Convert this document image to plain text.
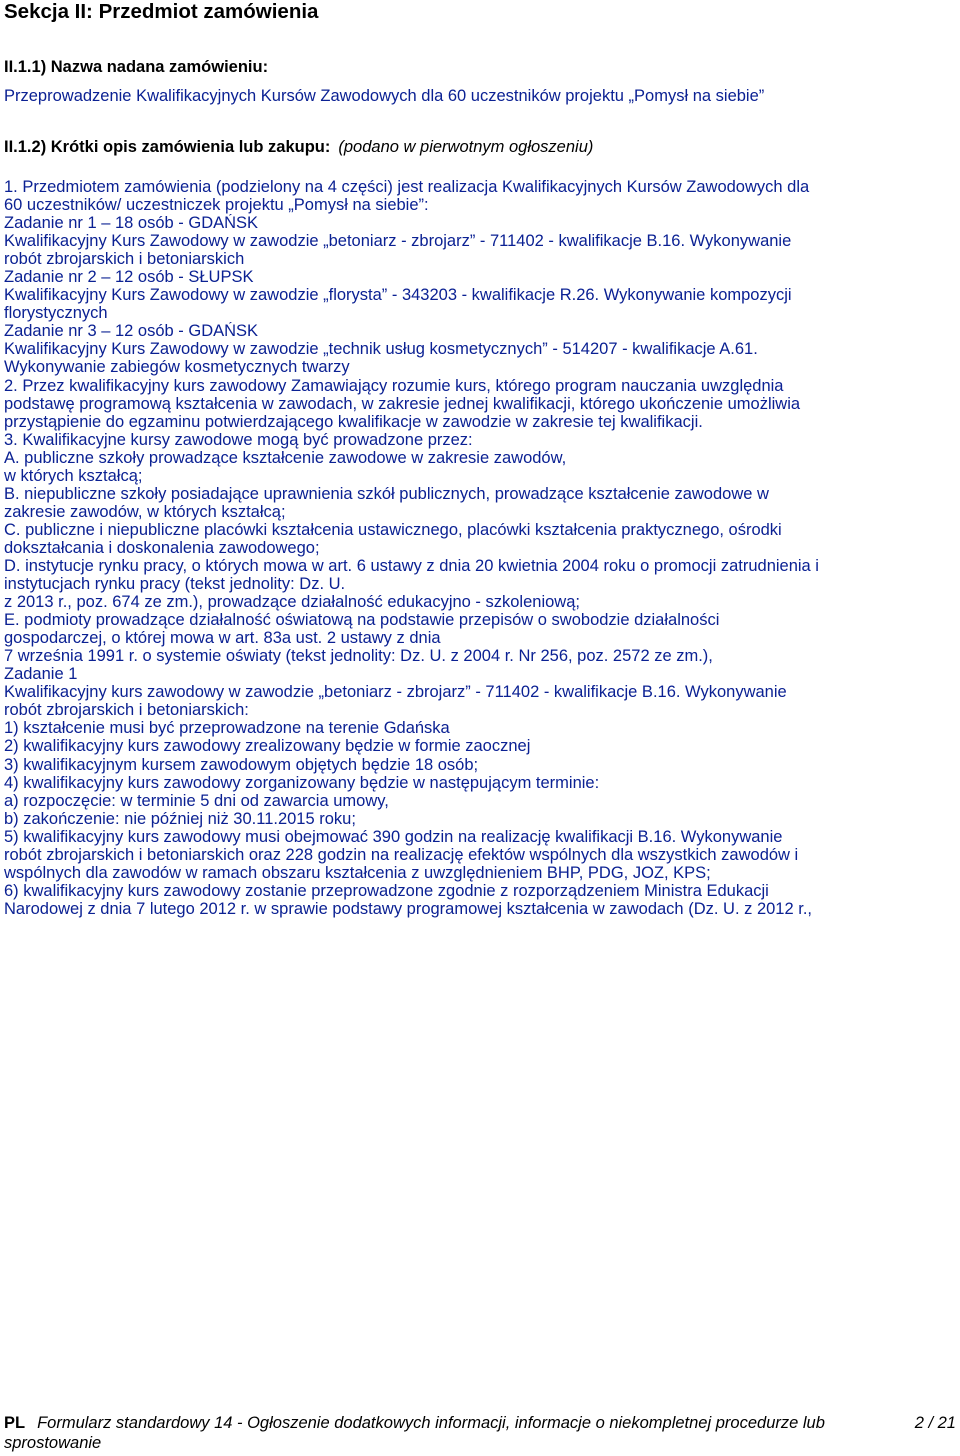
Sekcja II: Przedmiot zamówienia
II.1.1) Nazwa nadana zamówieniu:
Przeprowadzenie Kwalifikacyjnych Kursów Zawodowych dla 60 uczestników projektu „Pomysł na siebie”
II.1.2) Krótki opis zamówienia lub zakupu: (podano w pierwotnym ogłoszeniu)
1. Przedmiotem zamówienia (podzielony na 4 części) jest realizacja Kwalifikacyjnych Kursów Zawodowych dla
60 uczestników/ uczestniczek projektu „Pomysł na siebie”:
Zadanie nr 1 – 18 osób - GDAŃSK
Kwalifikacyjny Kurs Zawodowy w zawodzie „betoniarz - zbrojarz” - 711402 - kwalifikacje B.16. Wykonywanie
robót zbrojarskich i betoniarskich
Zadanie nr 2 – 12 osób - SŁUPSK
Kwalifikacyjny Kurs Zawodowy w zawodzie „florysta” - 343203 - kwalifikacje R.26. Wykonywanie kompozycji
florystycznych
Zadanie nr 3 – 12 osób - GDAŃSK
Kwalifikacyjny Kurs Zawodowy w zawodzie „technik usług kosmetycznych” - 514207 - kwalifikacje A.61.
Wykonywanie zabiegów kosmetycznych twarzy
2. Przez kwalifikacyjny kurs zawodowy Zamawiający rozumie kurs, którego program nauczania uwzględnia
podstawę programową kształcenia w zawodach, w zakresie jednej kwalifikacji, którego ukończenie umożliwia
przystąpienie do egzaminu potwierdzającego kwalifikacje w zawodzie w zakresie tej kwalifikacji.
3. Kwalifikacyjne kursy zawodowe mogą być prowadzone przez:
A. publiczne szkoły prowadzące kształcenie zawodowe w zakresie zawodów,
w których kształcą;
B. niepubliczne szkoły posiadające uprawnienia szkół publicznych, prowadzące kształcenie zawodowe w
zakresie zawodów, w których kształcą;
C. publiczne i niepubliczne placówki kształcenia ustawicznego, placówki kształcenia praktycznego, ośrodki
dokształcania i doskonalenia zawodowego;
D. instytucje rynku pracy, o których mowa w art. 6 ustawy z dnia 20 kwietnia 2004 roku o promocji zatrudnienia i
instytucjach rynku pracy (tekst jednolity: Dz. U.
z 2013 r., poz. 674 ze zm.), prowadzące działalność edukacyjno - szkoleniową;
E. podmioty prowadzące działalność oświatową na podstawie przepisów o swobodzie działalności
gospodarczej, o której mowa w art. 83a ust. 2 ustawy z dnia
7 września 1991 r. o systemie oświaty (tekst jednolity: Dz. U. z 2004 r. Nr 256, poz. 2572 ze zm.),
Zadanie 1
Kwalifikacyjny kurs zawodowy w zawodzie „betoniarz - zbrojarz” - 711402 - kwalifikacje B.16. Wykonywanie
robót zbrojarskich i betoniarskich:
1) kształcenie musi być przeprowadzone na terenie Gdańska
2) kwalifikacyjny kurs zawodowy zrealizowany będzie w formie zaocznej
3) kwalifikacyjnym kursem zawodowym objętych będzie 18 osób;
4) kwalifikacyjny kurs zawodowy zorganizowany będzie w następującym terminie:
a) rozpoczęcie: w terminie 5 dni od zawarcia umowy,
b) zakończenie: nie później niż 30.11.2015 roku;
5) kwalifikacyjny kurs zawodowy musi obejmować 390 godzin na realizację kwalifikacji B.16. Wykonywanie
robót zbrojarskich i betoniarskich oraz 228 godzin na realizację efektów wspólnych dla wszystkich zawodów i
wspólnych dla zawodów w ramach obszaru kształcenia z uwzględnieniem BHP, PDG, JOZ, KPS;
6) kwalifikacyjny kurs zawodowy zostanie przeprowadzone zgodnie z rozporządzeniem Ministra Edukacji
Narodowej z dnia 7 lutego 2012 r. w sprawie podstawy programowej kształcenia w zawodach (Dz. U. z 2012 r.,
PL Formularz standardowy 14 - Ogłoszenie dodatkowych informacji, informacje o niekompletnej procedurze lub
sprostowanie
2 / 21
